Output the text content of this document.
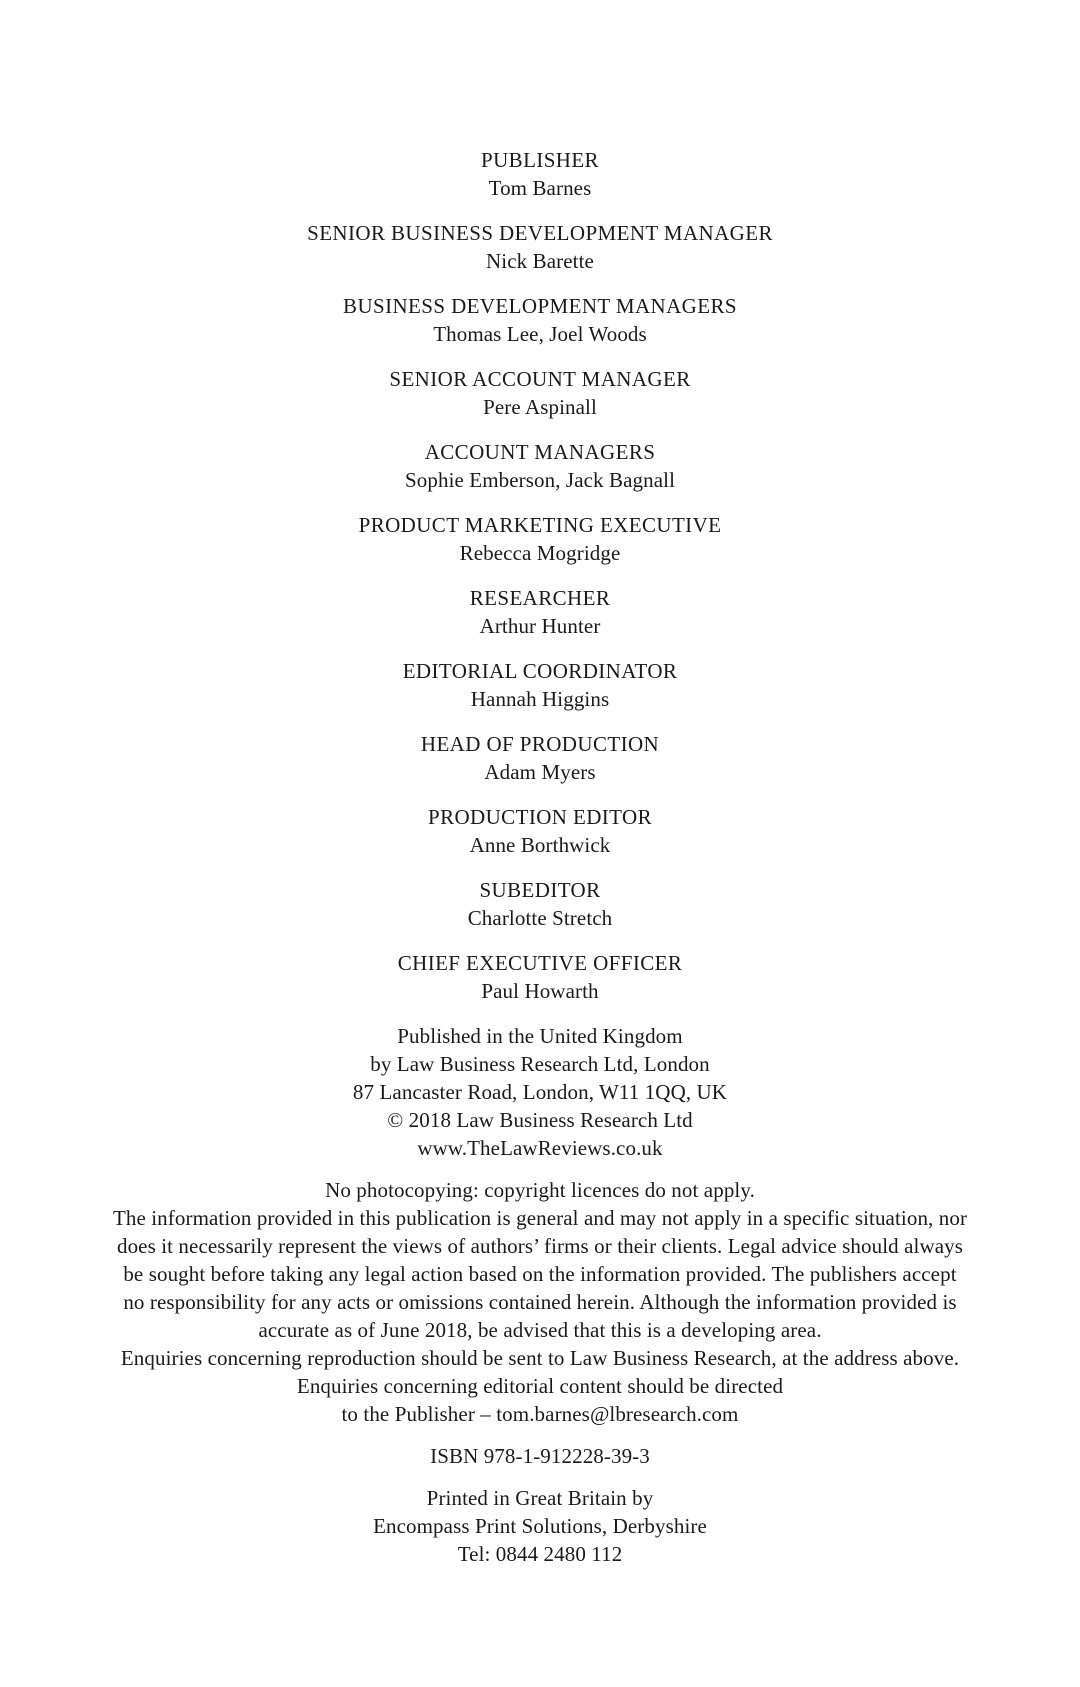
PUBLISHER
Tom Barnes
SENIOR BUSINESS DEVELOPMENT MANAGER
Nick Barette
BUSINESS DEVELOPMENT MANAGERS
Thomas Lee, Joel Woods
SENIOR ACCOUNT MANAGER
Pere Aspinall
ACCOUNT MANAGERS
Sophie Emberson, Jack Bagnall
PRODUCT MARKETING EXECUTIVE
Rebecca Mogridge
RESEARCHER
Arthur Hunter
EDITORIAL COORDINATOR
Hannah Higgins
HEAD OF PRODUCTION
Adam Myers
PRODUCTION EDITOR
Anne Borthwick
SUBEDITOR
Charlotte Stretch
CHIEF EXECUTIVE OFFICER
Paul Howarth
Published in the United Kingdom
by Law Business Research Ltd, London
87 Lancaster Road, London, W11 1QQ, UK
© 2018 Law Business Research Ltd
www.TheLawReviews.co.uk
No photocopying: copyright licences do not apply.
The information provided in this publication is general and may not apply in a specific situation, nor
does it necessarily represent the views of authors’ firms or their clients. Legal advice should always
be sought before taking any legal action based on the information provided. The publishers accept
no responsibility for any acts or omissions contained herein. Although the information provided is
accurate as of June 2018, be advised that this is a developing area.
Enquiries concerning reproduction should be sent to Law Business Research, at the address above.
Enquiries concerning editorial content should be directed
to the Publisher – tom.barnes@lbresearch.com
ISBN 978-1-912228-39-3
Printed in Great Britain by
Encompass Print Solutions, Derbyshire
Tel: 0844 2480 112
